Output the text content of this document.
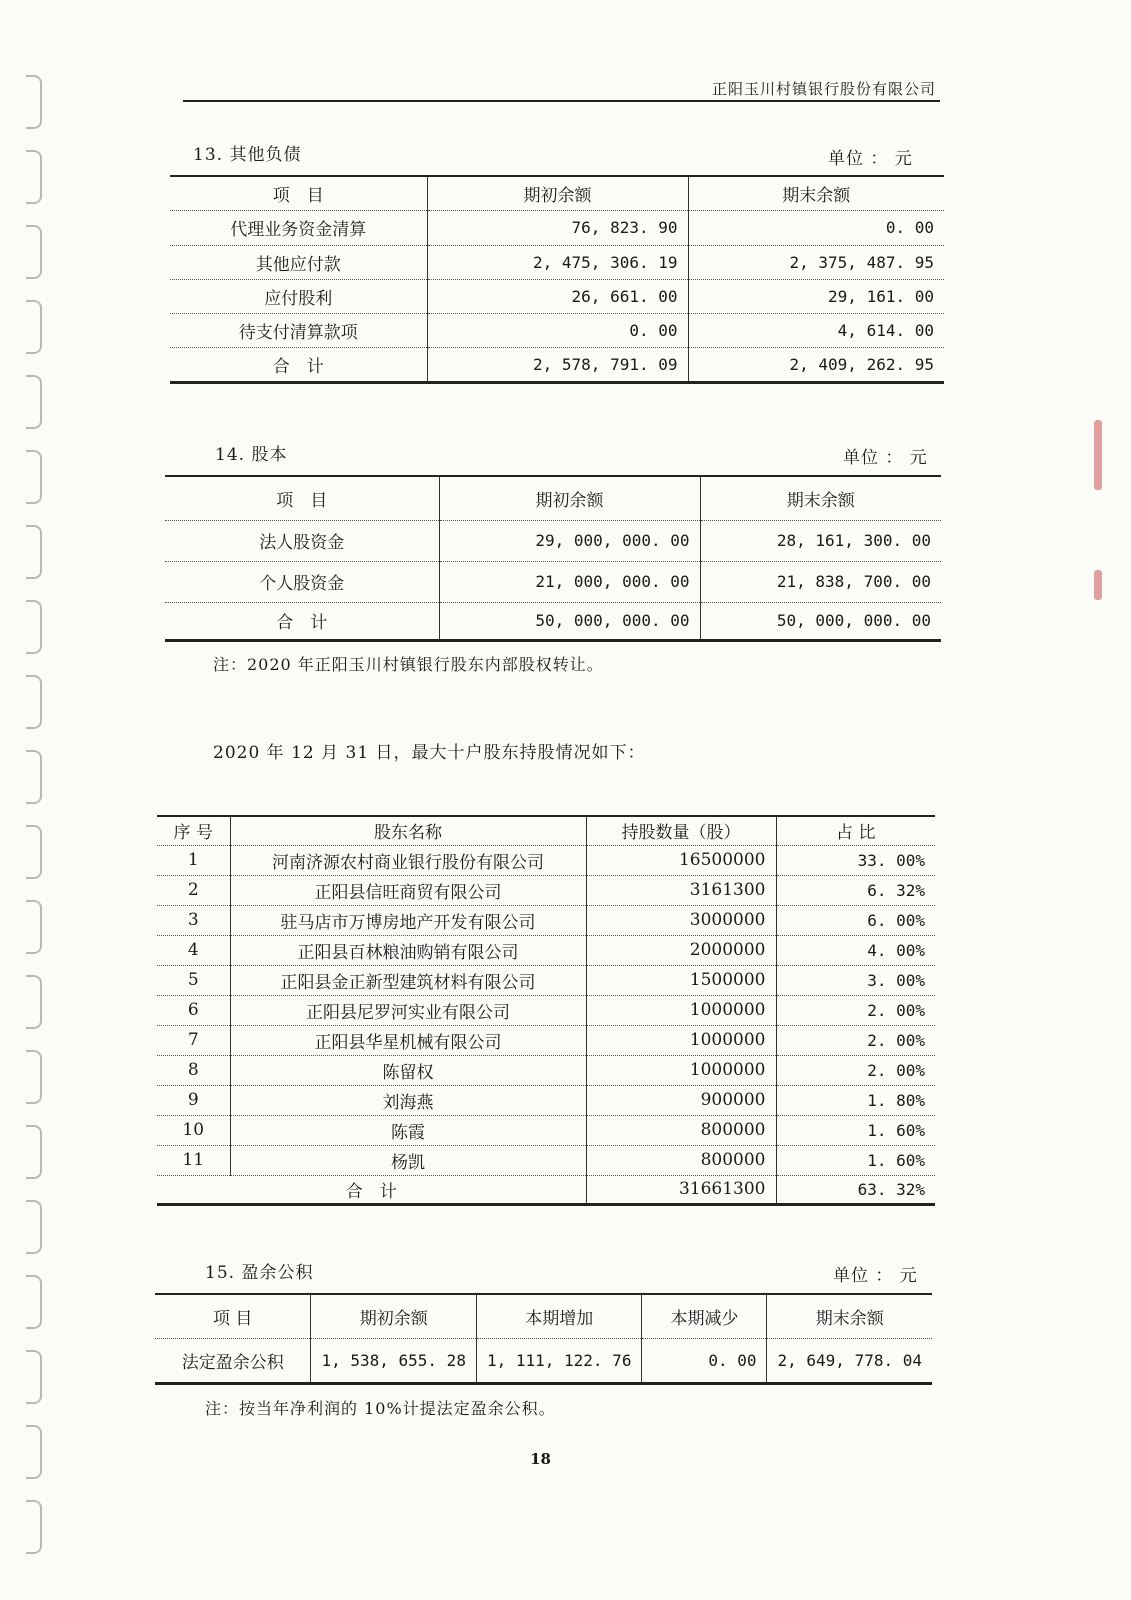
正阳玉川村镇银行股份有限公司
13. 其他负债	单位 ： 元
项　目	期初余额	期末余额
代理业务资金清算	76, 823. 90	0. 00
其他应付款	2, 475, 306. 19	2, 375, 487. 95
应付股利	26, 661. 00	29, 161. 00
待支付清算款项	0. 00	4, 614. 00
合　计	2, 578, 791. 09	2, 409, 262. 95
14. 股本	单位 ： 元
项　目	期初余额	期末余额
法人股资金	29, 000, 000. 00	28, 161, 300. 00
个人股资金	21, 000, 000. 00	21, 838, 700. 00
合　计	50, 000, 000. 00	50, 000, 000. 00
注：2020 年正阳玉川村镇银行股东内部股权转让。
2020 年 12 月 31 日，最大十户股东持股情况如下：
序 号	股东名称	持股数量（股）	占 比
1	河南济源农村商业银行股份有限公司	16500000	33. 00%
2	正阳县信旺商贸有限公司	3161300	6. 32%
3	驻马店市万博房地产开发有限公司	3000000	6. 00%
4	正阳县百林粮油购销有限公司	2000000	4. 00%
5	正阳县金正新型建筑材料有限公司	1500000	3. 00%
6	正阳县尼罗河实业有限公司	1000000	2. 00%
7	正阳县华星机械有限公司	1000000	2. 00%
8	陈留权	1000000	2. 00%
9	刘海燕	900000	1. 80%
10	陈霞	800000	1. 60%
11	杨凯	800000	1. 60%
合　计		31661300	63. 32%
15. 盈余公积	单位 ： 元
项 目	期初余额	本期增加	本期减少	期末余额
法定盈余公积	1, 538, 655. 28	1, 111, 122. 76	0. 00	2, 649, 778. 04
注：按当年净利润的 10%计提法定盈余公积。
18
